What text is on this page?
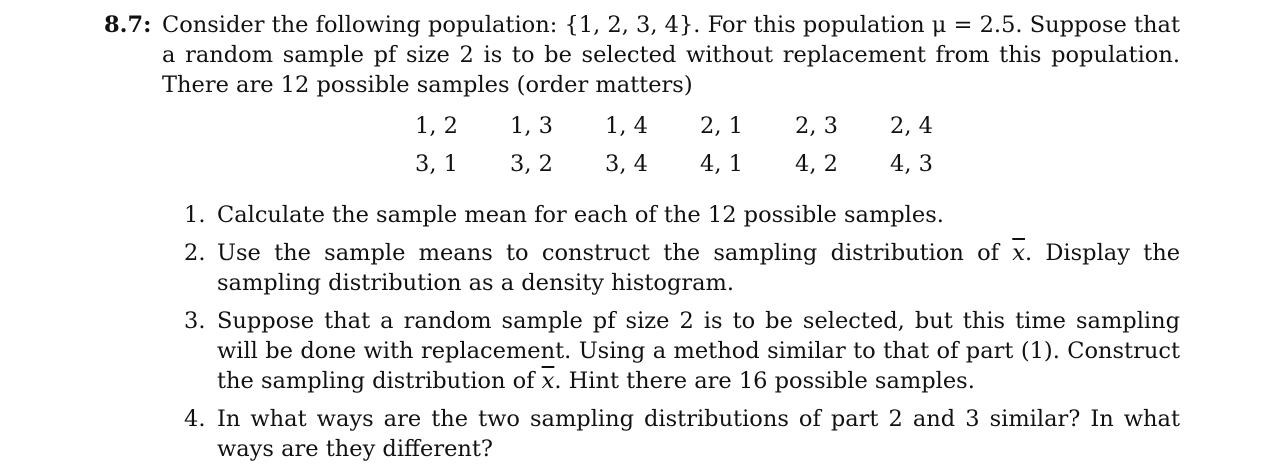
8.7: Consider the following population: {1, 2, 3, 4}. For this population μ = 2.5. Suppose that a random sample pf size 2 is to be selected without replacement from this population. There are 12 possible samples (order matters)
1, 2 1, 3 1, 4 2, 1 2, 3 2, 4
3, 1 3, 2 3, 4 4, 1 4, 2 4, 3
1. Calculate the sample mean for each of the 12 possible samples.
2. Use the sample means to construct the sampling distribution of $\overline{x}$. Display the sampling distribution as a density histogram.
3. Suppose that a random sample pf size 2 is to be selected, but this time sampling will be done with replacement. Using a method similar to that of part (1). Construct the sampling distribution of $\overline{x}$. Hint there are 16 possible samples.
4. In what ways are the two sampling distributions of part 2 and 3 similar? In what ways are they different?
